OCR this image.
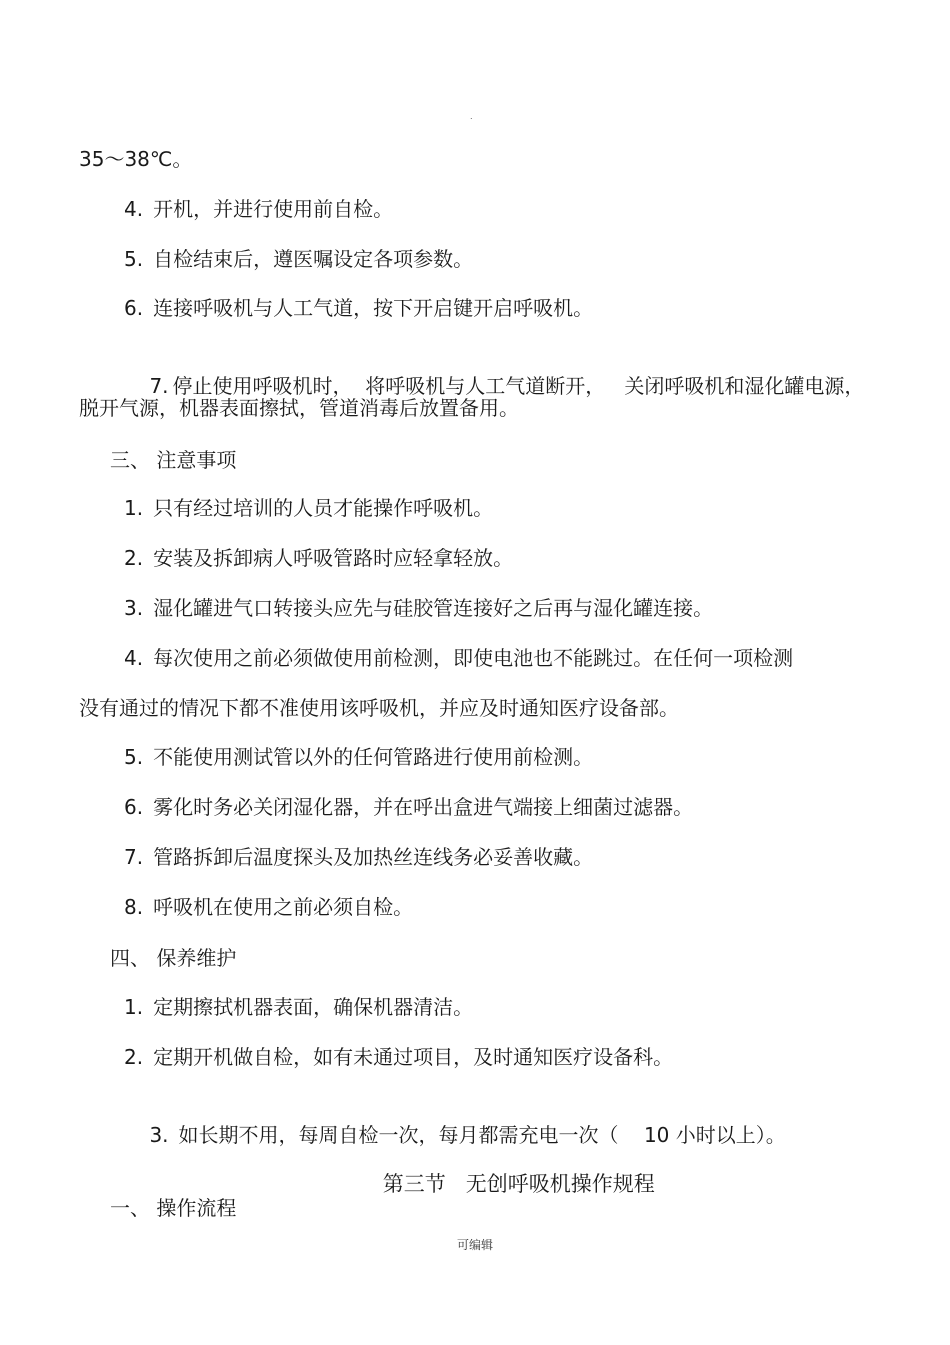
.
35～38℃。
4. 开机，并进行使用前自检。
5. 自检结束后，遵医嘱设定各项参数。
6. 连接呼吸机与人工气道，按下开启键开启呼吸机。

7. 停止使用呼吸机时，  将呼吸机与人工气道断开，   关闭呼吸机和湿化罐电源，

脱开气源，机器表面擦拭，管道消毒后放置备用。
三、 注意事项
1. 只有经过培训的人员才能操作呼吸机。
2. 安装及拆卸病人呼吸管路时应轻拿轻放。
3. 湿化罐进气口转接头应先与硅胶管连接好之后再与湿化罐连接。
4. 每次使用之前必须做使用前检测，即使电池也不能跳过。在任何一项检测
没有通过的情况下都不准使用该呼吸机，并应及时通知医疗设备部。
5. 不能使用测试管以外的任何管路进行使用前检测。
6. 雾化时务必关闭湿化器，并在呼出盒进气端接上细菌过滤器。
7. 管路拆卸后温度探头及加热丝连线务必妥善收藏。
8. 呼吸机在使用之前必须自检。
四、 保养维护
1. 定期擦拭机器表面，确保机器清洁。
2. 定期开机做自检，如有未通过项目，及时通知医疗设备科。

3. 如长期不用，每周自检一次，每月都需充电一次（    10 小时以上）。

第三节   无创呼吸机操作规程

一、 操作流程
可编辑
